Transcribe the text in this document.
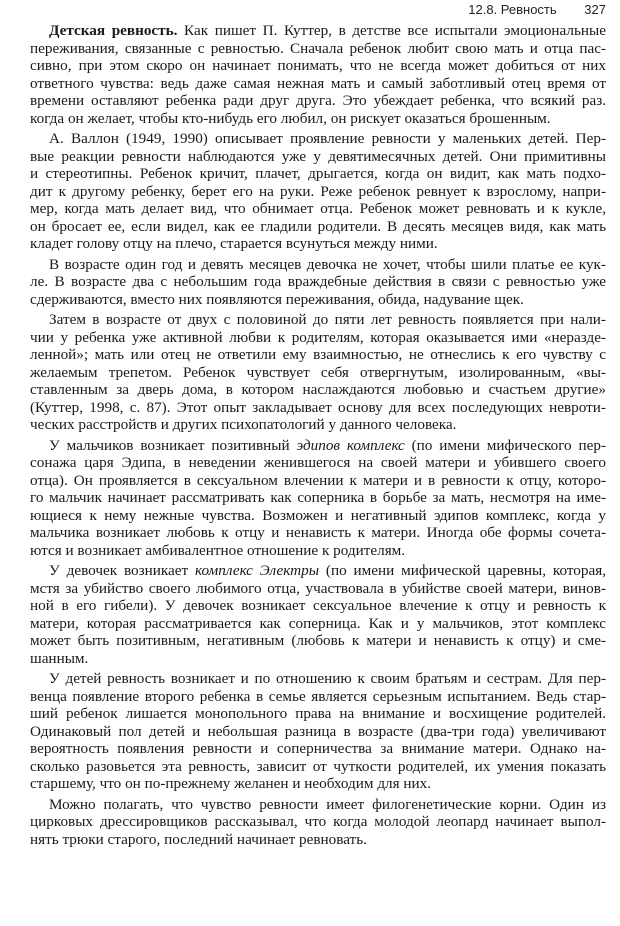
12.8. Ревность 327
Детская ревность. Как пишет П. Куттер, в детстве все испытали эмоциональные
переживания, связанные с ревностью. Сначала ребенок любит свою мать и отца пас-
сивно, при этом скоро он начинает понимать, что не всегда может добиться от них
ответного чувства: ведь даже самая нежная мать и самый заботливый отец время от
времени оставляют ребенка ради друг друга. Это убеждает ребенка, что всякий раз.
когда он желает, чтобы кто-нибудь его любил, он рискует оказаться брошенным.
А. Валлон (1949, 1990) описывает проявление ревности у маленьких детей. Пер-
вые реакции ревности наблюдаются уже у девятимесячных детей. Они примитивны
и стереотипны. Ребенок кричит, плачет, дрыгается, когда он видит, как мать подхо-
дит к другому ребенку, берет его на руки. Реже ребенок ревнует к взрослому, напри-
мер, когда мать делает вид, что обнимает отца. Ребенок может ревновать и к кукле,
он бросает ее, если видел, как ее гладили родители. В десять месяцев видя, как мать
кладет голову отцу на плечо, старается всунуться между ними.
В возрасте один год и девять месяцев девочка не хочет, чтобы шили платье ее кук-
ле. В возрасте два с небольшим года враждебные действия в связи с ревностью уже
сдерживаются, вместо них появляются переживания, обида, надувание щек.
Затем в возрасте от двух с половиной до пяти лет ревность появляется при нали-
чии у ребенка уже активной любви к родителям, которая оказывается ими «неразде-
ленной»; мать или отец не ответили ему взаимностью, не отнеслись к его чувству с
желаемым трепетом. Ребенок чувствует себя отвергнутым, изолированным, «вы-
ставленным за дверь дома, в котором наслаждаются любовью и счастьем другие»
(Куттер, 1998, с. 87). Этот опыт закладывает основу для всех последующих невроти-
ческих расстройств и других психопатологий у данного человека.
У мальчиков возникает позитивный эдипов комплекс (по имени мифического пер-
сонажа царя Эдипа, в неведении женившегося на своей матери и убившего своего
отца). Он проявляется в сексуальном влечении к матери и в ревности к отцу, которо-
го мальчик начинает рассматривать как соперника в борьбе за мать, несмотря на име-
ющиеся к нему нежные чувства. Возможен и негативный эдипов комплекс, когда у
мальчика возникает любовь к отцу и ненависть к матери. Иногда обе формы сочета-
ются и возникает амбивалентное отношение к родителям.
У девочек возникает комплекс Электры (по имени мифической царевны, которая,
мстя за убийство своего любимого отца, участвовала в убийстве своей матери, винов-
ной в его гибели). У девочек возникает сексуальное влечение к отцу и ревность к
матери, которая рассматривается как соперница. Как и у мальчиков, этот комплекс
может быть позитивным, негативным (любовь к матери и ненависть к отцу) и сме-
шанным.
У детей ревность возникает и по отношению к своим братьям и сестрам. Для пер-
венца появление второго ребенка в семье является серьезным испытанием. Ведь стар-
ший ребенок лишается монопольного права на внимание и восхищение родителей.
Одинаковый пол детей и небольшая разница в возрасте (два-три года) увеличивают
вероятность появления ревности и соперничества за внимание матери. Однако на-
сколько разовьется эта ревность, зависит от чуткости родителей, их умения показать
старшему, что он по-прежнему желанен и необходим для них.
Можно полагать, что чувство ревности имеет филогенетические корни. Один из
цирковых дрессировщиков рассказывал, что когда молодой леопард начинает выпол-
нять трюки старого, последний начинает ревновать.
